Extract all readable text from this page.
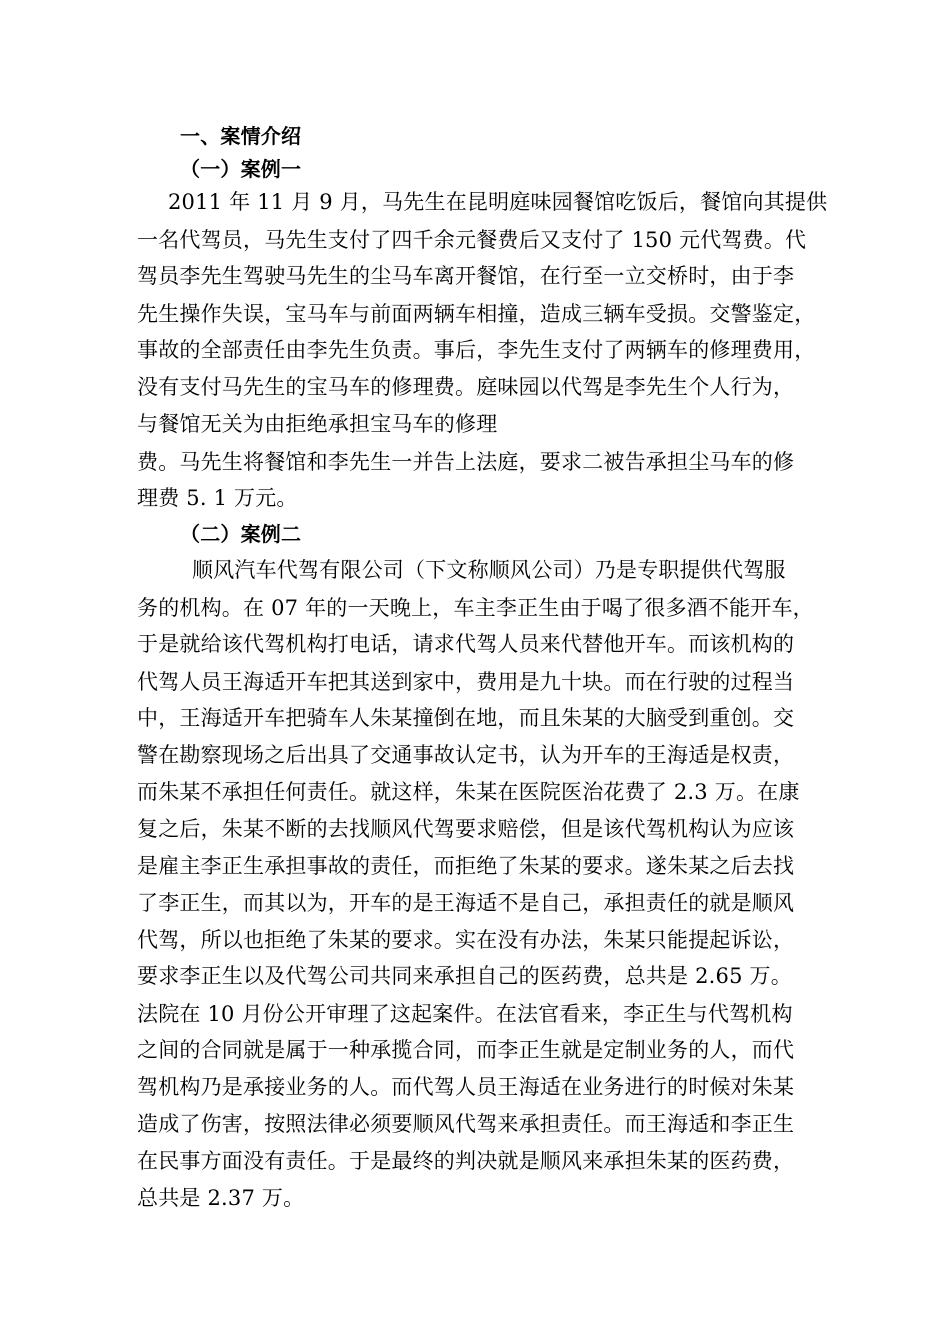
一、案情介绍
（一）案例一
2011 年 11 月 9 月，马先生在昆明庭味园餐馆吃饭后，餐馆向其提供
一名代驾员，马先生支付了四千余元餐费后又支付了 150 元代驾费。代
驾员李先生驾驶马先生的尘马车离开餐馆，在行至一立交桥时，由于李
先生操作失误，宝马车与前面两辆车相撞，造成三辆车受损。交警鉴定，
事故的全部责任由李先生负责。事后，李先生支付了两辆车的修理费用，
没有支付马先生的宝马车的修理费。庭味园以代驾是李先生个人行为，
与餐馆无关为由拒绝承担宝马车的修理
费。马先生将餐馆和李先生一并告上法庭，要求二被告承担尘马车的修
理费 5. 1 万元。
（二）案例二
顺风汽车代驾有限公司（下文称顺风公司）乃是专职提供代驾服
务的机构。在 07 年的一天晚上，车主李正生由于喝了很多酒不能开车，
于是就给该代驾机构打电话，请求代驾人员来代替他开车。而该机构的
代驾人员王海适开车把其送到家中，费用是九十块。而在行驶的过程当
中，王海适开车把骑车人朱某撞倒在地，而且朱某的大脑受到重创。交
警在勘察现场之后出具了交通事故认定书，认为开车的王海适是权责，
而朱某不承担任何责任。就这样，朱某在医院医治花费了 2.3 万。在康
复之后，朱某不断的去找顺风代驾要求赔偿，但是该代驾机构认为应该
是雇主李正生承担事故的责任，而拒绝了朱某的要求。遂朱某之后去找
了李正生，而其以为，开车的是王海适不是自己，承担责任的就是顺风
代驾，所以也拒绝了朱某的要求。实在没有办法，朱某只能提起诉讼，
要求李正生以及代驾公司共同来承担自己的医药费，总共是 2.65 万。
法院在 10 月份公开审理了这起案件。在法官看来，李正生与代驾机构
之间的合同就是属于一种承揽合同，而李正生就是定制业务的人，而代
驾机构乃是承接业务的人。而代驾人员王海适在业务进行的时候对朱某
造成了伤害，按照法律必须要顺风代驾来承担责任。而王海适和李正生
在民事方面没有责任。于是最终的判决就是顺风来承担朱某的医药费，
总共是 2.37 万。
